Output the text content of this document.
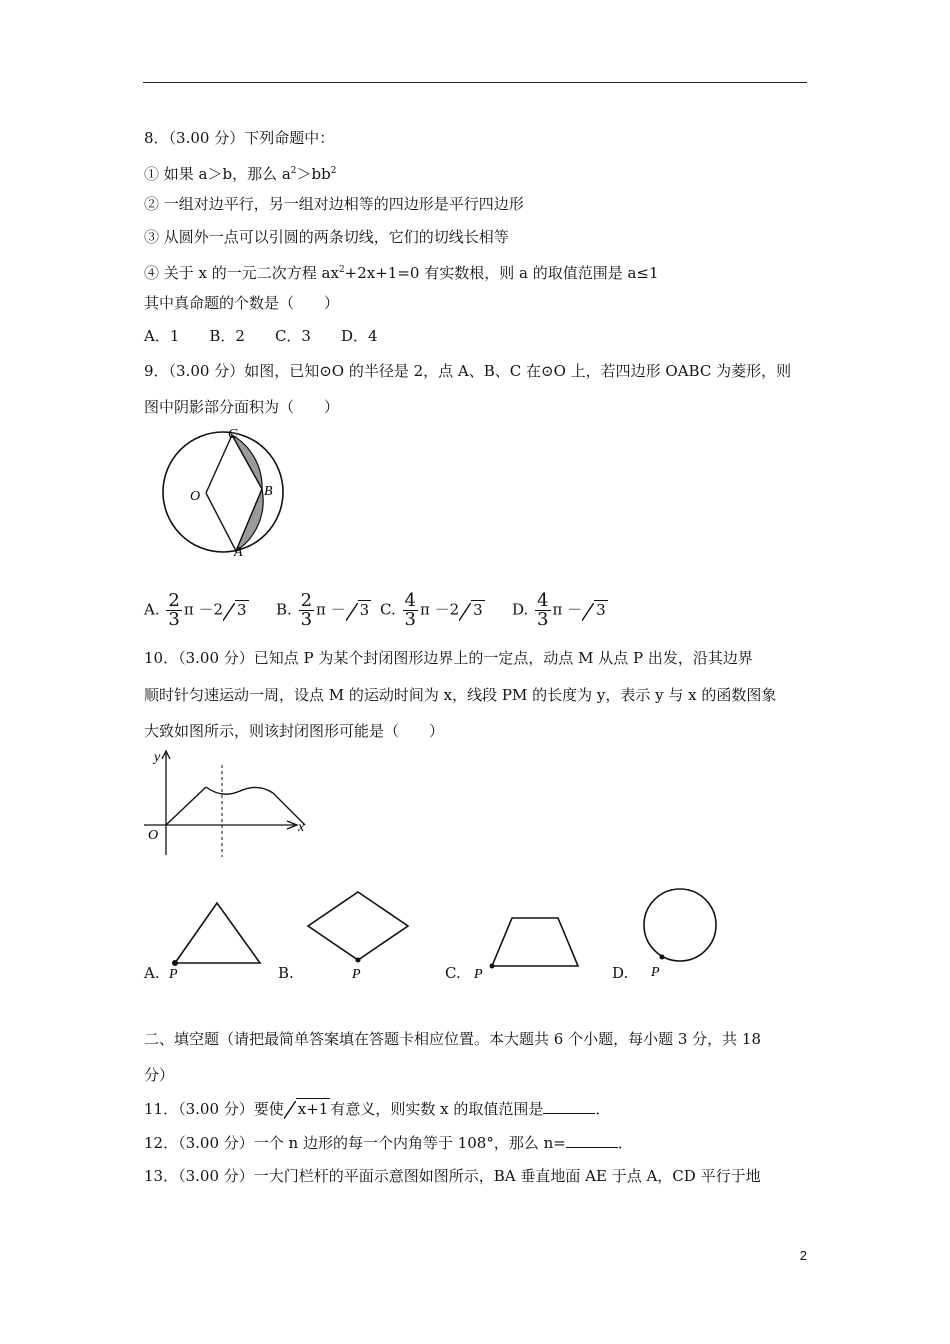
8．（3.00 分）下列命题中：
① 如果 a＞b，那么 $a^2>bb^2$
② 一组对边平行，另一组对边相等的四边形是平行四边形
③ 从圆外一点可以引圆的两条切线，它们的切线长相等
④ 关于 x 的一元二次方程 $ax^2+2x+1=0$ 有实数根，则 a 的取值范围是 a≤1
其中真命题的个数是（　　）
A．1　　B．2　　C．3　　D．4
9．（3.00 分）如图，已知⊙O 的半径是 2，点 A、B、C 在⊙O 上，若四边形 OABC 为菱形，则
图中阴影部分面积为（　　）
C
O	B
A
A. $\frac{2}{3}$ π －2 3 B. $\frac{2}{3}$ π － 3 C. $\frac{4}{3}$ π －2 3 D. $\frac{4}{3}$ π － 3
10．（3.00 分）已知点 P 为某个封闭图形边界上的一定点，动点 M 从点 P 出发，沿其边界
顺时针匀速运动一周，设点 M 的运动时间为 x，线段 PM 的长度为 y，表示 y 与 x 的函数图象
大致如图所示，则该封闭图形可能是（　　）
y
x
O
P
A.	P
B.	P
C.	P
D.
二、填空题（请把最简单答案填在答题卡相应位置。本大题共 6 个小题，每小题 3 分，共 18
分）
11．（3.00 分）要使 x+1 有意义，则实数 x 的取值范围是	．
12．（3.00 分）一个 n 边形的每一个内角等于 108°，那么 n=	．
13．（3.00 分）一大门栏杆的平面示意图如图所示，BA 垂直地面 AE 于点 A，CD 平行于地
2
